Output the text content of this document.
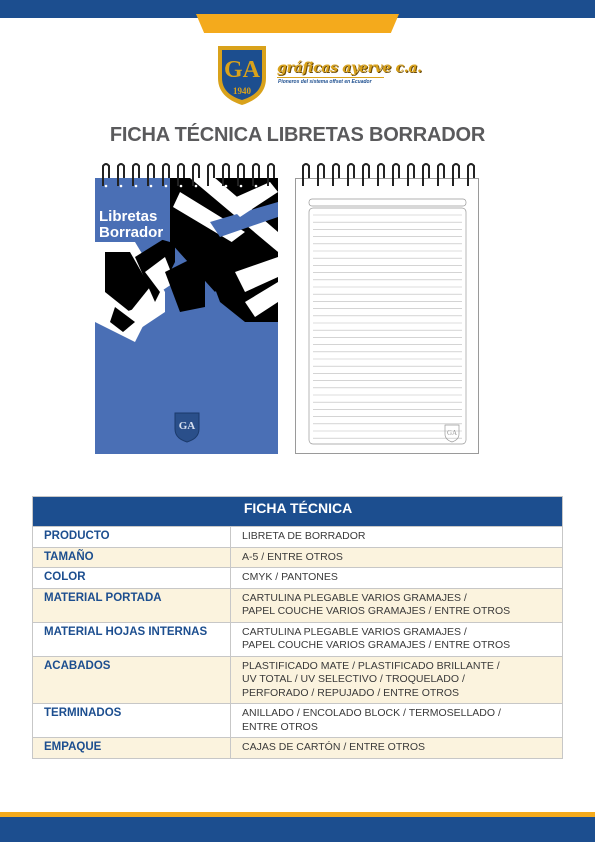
GA
1940
gráficas ayerve c.a.
Pioneros del sistema offset en Ecuador
FICHA TÉCNICA LIBRETAS BORRADOR
Libretas
Borrador
GA
GA
FICHA TÉCNICA	
PRODUCTO	LIBRETA DE BORRADOR
TAMAÑO	A-5 / ENTRE OTROS
COLOR	CMYK / PANTONES
MATERIAL PORTADA	CARTULINA PLEGABLE VARIOS GRAMAJES /
PAPEL COUCHE VARIOS GRAMAJES / ENTRE OTROS
MATERIAL HOJAS INTERNAS	CARTULINA PLEGABLE VARIOS GRAMAJES /
PAPEL COUCHE VARIOS GRAMAJES / ENTRE OTROS
ACABADOS	PLASTIFICADO MATE / PLASTIFICADO BRILLANTE /
UV TOTAL / UV SELECTIVO / TROQUELADO /
PERFORADO / REPUJADO / ENTRE OTROS
TERMINADOS	ANILLADO / ENCOLADO BLOCK / TERMOSELLADO /
ENTRE OTROS
EMPAQUE	CAJAS DE CARTÓN / ENTRE OTROS
